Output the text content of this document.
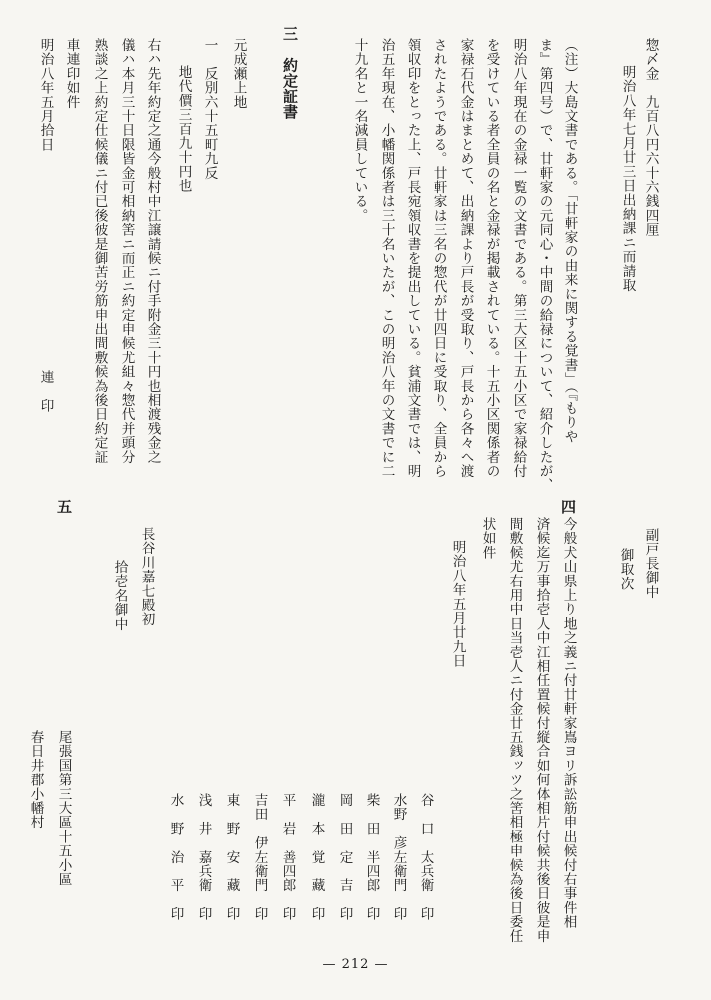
惣〆金　九百八円六十六銭四厘
明治八年七月廿三日出納課ニ而請取
（注）大島文書である。「廿軒家の由来に関する覚書」（『もりや
ま』第四号）で、廿軒家の元同心・中間の給禄について、紹介したが、
明治八年現在の金禄一覧の文書である。第三大区十五小区で家禄給付
を受けている者全員の名と金禄が掲載されている。十五小区関係者の
家禄石代金はまとめて、出納課より戸長が受取り、戸長から各々へ渡
されたようである。廿軒家は三名の惣代が廿四日に受取り、全員から
領収印をとった上、戸長宛領収書を提出している。貧浦文書では、明
治五年現在、小幡関係者は三十名いたが、この明治八年の文書でに二
十九名と一名減員している。
三　約定証書
元成瀬上地
一　反別六十五町九反
地代價三百九十円也
右ハ先年約定之通今般村中江譲請候ニ付手附金三十円也相渡残金之
儀ハ本月三十日限皆金可相納筈ニ而正ニ約定申候尤組々惣代并頭分
熟談之上約定仕候儀ニ付已後彼是御苦労筋申出間敷候為後日約定証
車連印如件
明治八年五月拾日
連　印
副戸長御中
御取次
四
今般犬山県上り地之義ニ付廿軒家嶌ヨリ訴訟筋申出候付右事件相
済候迄万事拾壱人中江相任置候付縦合如何体相片付候共後日彼是申
間敷候尤右用中日当壱人ニ付金廿五銭ッツ之筈相極申候為後日委任
状如件
明治八年五月廿九日
谷　口　太兵衛　印
水野　彦左衛門　印
柴　田　半四郎　印
岡　田　定　吉　印
瀧　本　覚　藏　印
平　岩　善四郎　印
吉田　伊左衛門　印
東　野　安　藏　印
浅　井　嘉兵衛　印
水　野　治　平　印
長谷川嘉七殿初
拾壱名御中
五
尾張国第三大區十五小區
春日井郡小幡村
— 212 —
